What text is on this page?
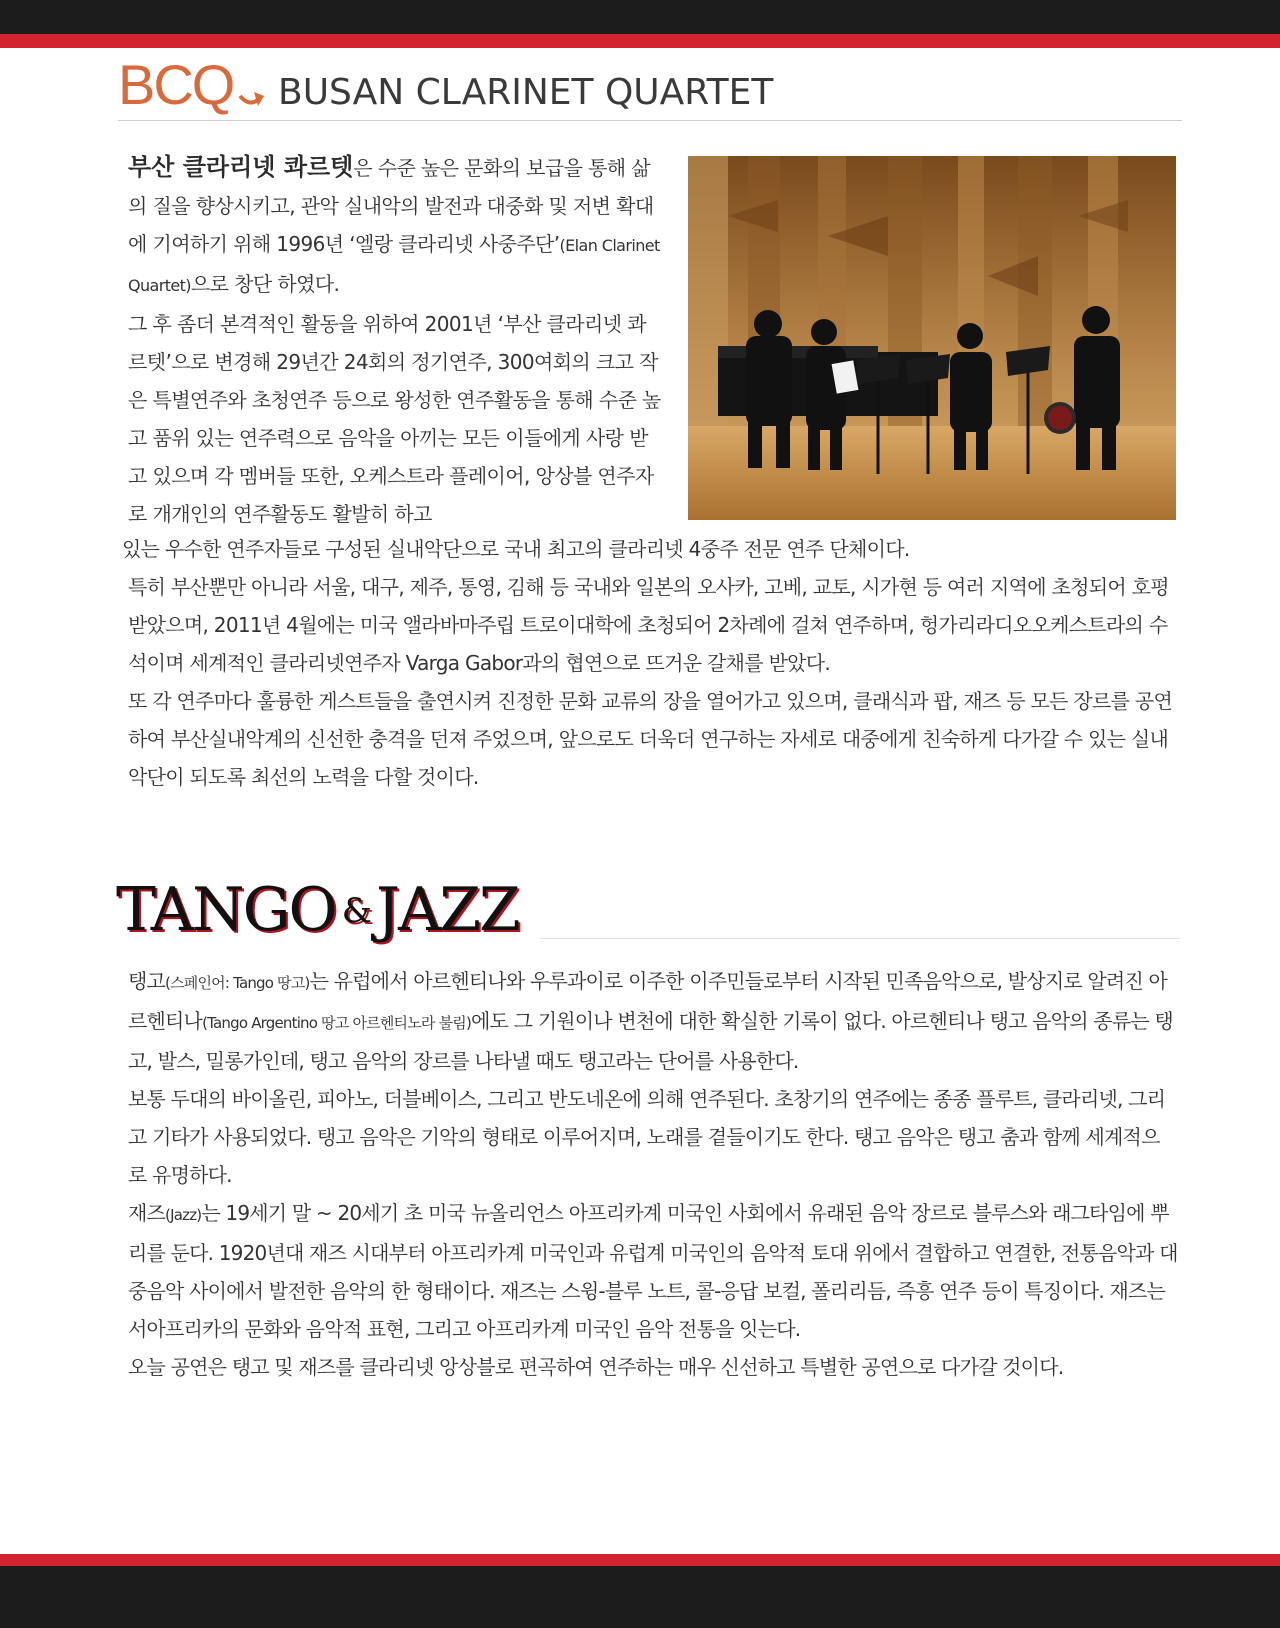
BCQ BUSAN CLARINET QUARTET

부산 클라리넷 콰르텟은 수준 높은 문화의 보급을 통해 삶의 질을 향상시키고, 관악 실내악의 발전과 대중화 및 저변 확대에 기여하기 위해 1996년 ‘엘랑 클라리넷 사중주단’(Elan Clarinet Quartet)으로 창단 하였다.

그 후 좀더 본격적인 활동을 위하여 2001년 ‘부산 클라리넷 콰르텟’으로 변경해 29년간 24회의 정기연주, 300여회의 크고 작은 특별연주와 초청연주 등으로 왕성한 연주활동을 통해 수준 높고 품위 있는 연주력으로 음악을 아끼는 모든 이들에게 사랑 받고 있으며 각 멤버들 또한, 오케스트라 플레이어, 앙상블 연주자로 개개인의 연주활동도 활발히 하고

있는 우수한 연주자들로 구성된 실내악단으로 국내 최고의 클라리넷 4중주 전문 연주 단체이다.

특히 부산뿐만 아니라 서울, 대구, 제주, 통영, 김해 등 국내와 일본의 오사카, 고베, 교토, 시가현 등 여러 지역에 초청되어 호평 받았으며, 2011년 4월에는 미국 앨라바마주립 트로이대학에 초청되어 2차례에 걸쳐 연주하며, 헝가리라디오오케스트라의 수석이며 세계적인 클라리넷연주자 Varga Gabor과의 협연으로 뜨거운 갈채를 받았다.

또 각 연주마다 훌륭한 게스트들을 출연시켜 진정한 문화 교류의 장을 열어가고 있으며, 클래식과 팝, 재즈 등 모든 장르를 공연하여 부산실내악계의 신선한 충격을 던져 주었으며, 앞으로도 더욱더 연구하는 자세로 대중에게 친숙하게 다가갈 수 있는 실내악단이 되도록 최선의 노력을 다할 것이다.

TANGO & JAZZ

탱고(스페인어: Tango 땅고)는 유럽에서 아르헨티나와 우루과이로 이주한 이주민들로부터 시작된 민족음악으로, 발상지로 알려진 아르헨티나(Tango Argentino 땅고 아르헨티노라 불림)에도 그 기원이나 변천에 대한 확실한 기록이 없다. 아르헨티나 탱고 음악의 종류는 탱고, 발스, 밀롱가인데, 탱고 음악의 장르를 나타낼 때도 탱고라는 단어를 사용한다.

보통 두대의 바이올린, 피아노, 더블베이스, 그리고 반도네온에 의해 연주된다. 초창기의 연주에는 종종 플루트, 클라리넷, 그리고 기타가 사용되었다. 탱고 음악은 기악의 형태로 이루어지며, 노래를 곁들이기도 한다. 탱고 음악은 탱고 춤과 함께 세계적으로 유명하다.

재즈(Jazz)는 19세기 말 ~ 20세기 초 미국 뉴올리언스 아프리카계 미국인 사회에서 유래된 음악 장르로 블루스와 래그타임에 뿌리를 둔다. 1920년대 재즈 시대부터 아프리카계 미국인과 유럽계 미국인의 음악적 토대 위에서 결합하고 연결한, 전통음악과 대중음악 사이에서 발전한 음악의 한 형태이다. 재즈는 스윙-블루 노트, 콜-응답 보컬, 폴리리듬, 즉흥 연주 등이 특징이다. 재즈는 서아프리카의 문화와 음악적 표현, 그리고 아프리카계 미국인 음악 전통을 잇는다.

오늘 공연은 탱고 및 재즈를 클라리넷 앙상블로 편곡하여 연주하는 매우 신선하고 특별한 공연으로 다가갈 것이다.
